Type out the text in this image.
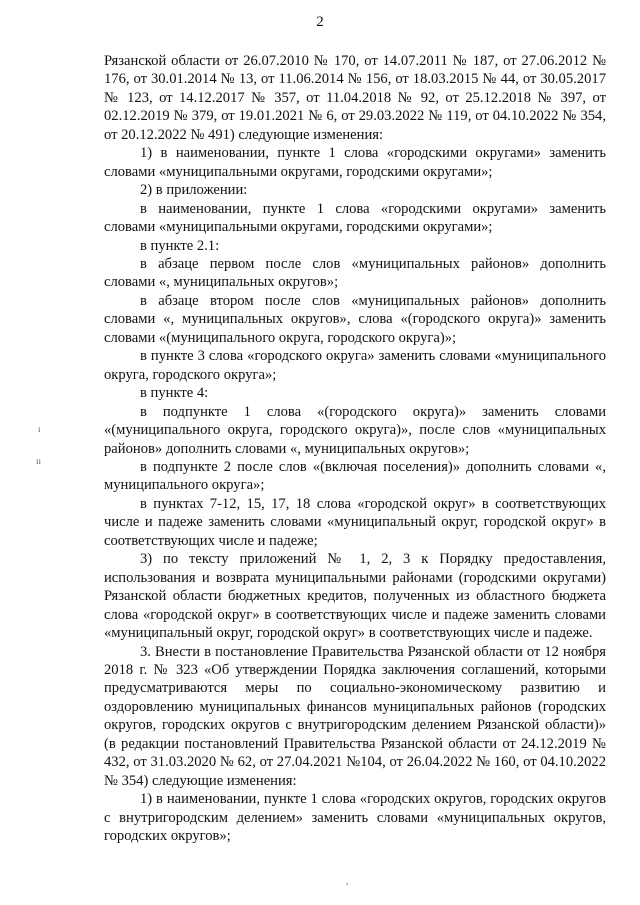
2

Рязанской области от 26.07.2010 № 170, от 14.07.2011 № 187, от 27.06.2012 № 176, от 30.01.2014 № 13, от 11.06.2014 № 156, от 18.03.2015 № 44, от 30.05.2017 № 123, от 14.12.2017 № 357, от 11.04.2018 № 92, от 25.12.2018 № 397, от 02.12.2019 № 379, от 19.01.2021 № 6, от 29.03.2022 № 119, от 04.10.2022 № 354, от 20.12.2022 № 491) следующие изменения:

1) в наименовании, пункте 1 слова «городскими округами» заменить словами «муниципальными округами, городскими округами»;

2) в приложении:

в наименовании, пункте 1 слова «городскими округами» заменить словами «муниципальными округами, городскими округами»;

в пункте 2.1:

в абзаце первом после слов «муниципальных районов» дополнить словами «, муниципальных округов»;

в абзаце втором после слов «муниципальных районов» дополнить словами «, муниципальных округов», слова «(городского округа)» заменить словами «(муниципального округа, городского округа)»;

в пункте 3 слова «городского округа» заменить словами «муниципального округа, городского округа»;

в пункте 4:

в подпункте 1 слова «(городского округа)» заменить словами «(муниципального округа, городского округа)», после слов «муниципальных районов» дополнить словами «, муниципальных округов»;

в подпункте 2 после слов «(включая поселения)» дополнить словами «, муниципального округа»;

в пунктах 7-12, 15, 17, 18 слова «городской округ» в соответствующих числе и падеже заменить словами «муниципальный округ, городской округ» в соответствующих числе и падеже;

3) по тексту приложений № 1, 2, 3 к Порядку предоставления, использования и возврата муниципальными районами (городскими округами) Рязанской области бюджетных кредитов, полученных из областного бюджета слова «городской округ» в соответствующих числе и падеже заменить словами «муниципальный округ, городской округ» в соответствующих числе и падеже.

3. Внести в постановление Правительства Рязанской области от 12 ноября 2018 г. № 323 «Об утверждении Порядка заключения соглашений, которыми предусматриваются меры по социально-экономическому развитию и оздоровлению муниципальных финансов муниципальных районов (городских округов, городских округов с внутригородским делением Рязанской области)» (в редакции постановлений Правительства Рязанской области от 24.12.2019 № 432, от 31.03.2020 № 62, от 27.04.2021 №104, от 26.04.2022 № 160, от 04.10.2022 № 354) следующие изменения:

1) в наименовании, пункте 1 слова «городских округов, городских округов с внутригородским делением» заменить словами «муниципальных округов, городских округов»;

ı
ıı
,
